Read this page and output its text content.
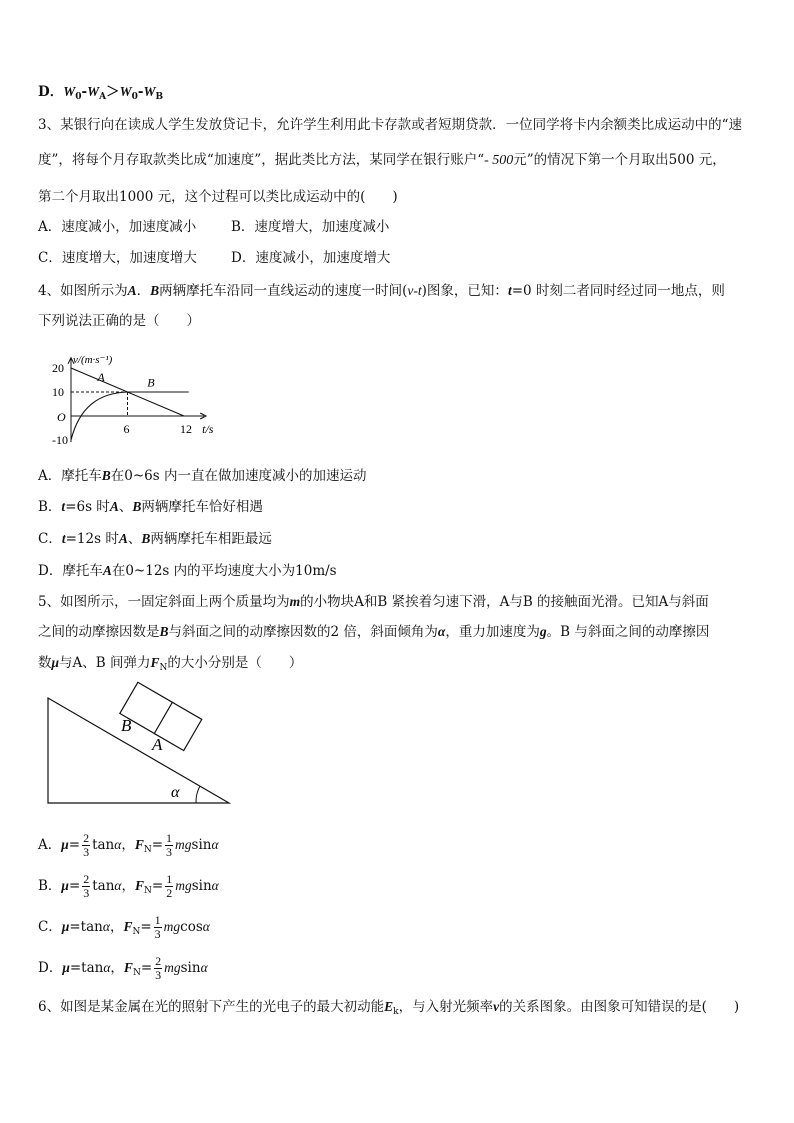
D．$W_0-W_A>W_0-W_B$
3、某银行向在读成人学生发放贷记卡，允许学生利用此卡存款或者短期贷款．一位同学将卡内余额类比成运动中的“速
度”，将每个月存取款类比成“加速度”，据此类比方法，某同学在银行账户“- 500元”的情况下第一个月取出500 元，
第二个月取出1000 元，这个过程可以类比成运动中的(　　)
A．速度减小，加速度减小	B．速度增大，加速度减小
C．速度增大，加速度增大	D．速度减小，加速度增大
4、如图所示为A．B两辆摩托车沿同一直线运动的速度一时间(v-t)图象，已知：t=0 时刻二者同时经过同一地点，则
下列说法正确的是（　　）
v/(m·s⁻¹)
t/s
O
20
10
-10
6	12
A	B
A．摩托车B在0~6s 内一直在做加速度减小的加速运动
B．t=6s 时A、B两辆摩托车恰好相遇
C．t=12s 时A、B两辆摩托车相距最远
D．摩托车A在0~12s 内的平均速度大小为10m/s
5、如图所示，一固定斜面上两个质量均为m的小物块A和B 紧挨着匀速下滑，A与B 的接触面光滑。已知A与斜面
之间的动摩擦因数是B与斜面之间的动摩擦因数的2 倍，斜面倾角为α，重力加速度为g。B 与斜面之间的动摩擦因
数μ与A、B 间弹力$F_N$的大小分别是（　　）
B
A
α
A．$\mu= \frac{2}{3}$ tanα，$F_N= \frac{1}{3}$ mgsinα
B．$\mu= \frac{2}{3}$ tanα，$F_N= \frac{1}{2}$ mgsinα
C．μ=tanα，$F_N= \frac{1}{3}$ mgcosα
D．μ=tanα，$F_N= \frac{2}{3}$ mgsinα
6、如图是某金属在光的照射下产生的光电子的最大初动能$E_k$，与入射光频率v的关系图象。由图象可知错误的是(　　)
